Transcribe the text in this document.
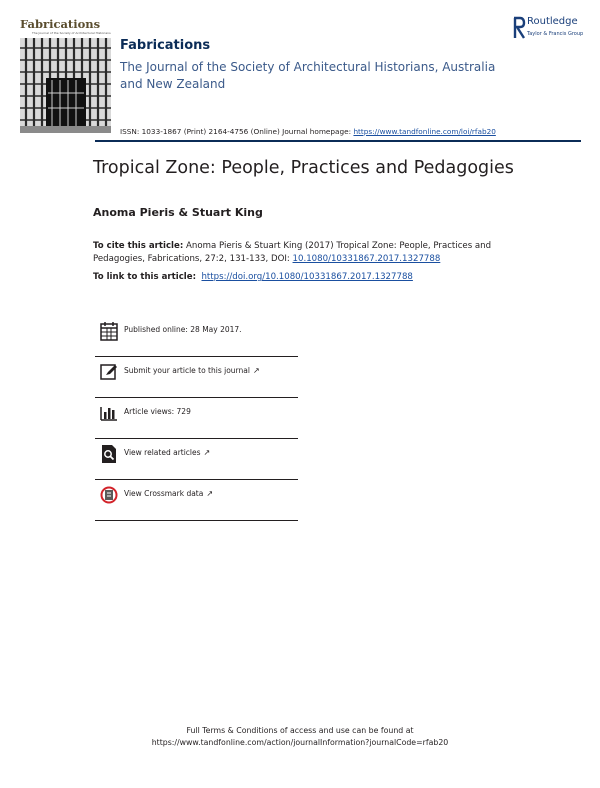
Fabrications
The Journal of the Society of Architectural Historians
Routledge
Taylor & Francis Group
Fabrications
The Journal of the Society of Architectural Historians, Australia and New Zealand
ISSN: 1033-1867 (Print) 2164-4756 (Online) Journal homepage: https://www.tandfonline.com/loi/rfab20
Tropical Zone: People, Practices and Pedagogies
Anoma Pieris & Stuart King
To cite this article: Anoma Pieris & Stuart King (2017) Tropical Zone: People, Practices and Pedagogies, Fabrications, 27:2, 131-133, DOI: 10.1080/10331867.2017.1327788
To link to this article: https://doi.org/10.1080/10331867.2017.1327788
Published online: 28 May 2017.
Submit your article to this journal ↗
Article views: 729
View related articles ↗
View Crossmark data ↗
Full Terms & Conditions of access and use can be found at
https://www.tandfonline.com/action/journalInformation?journalCode=rfab20
